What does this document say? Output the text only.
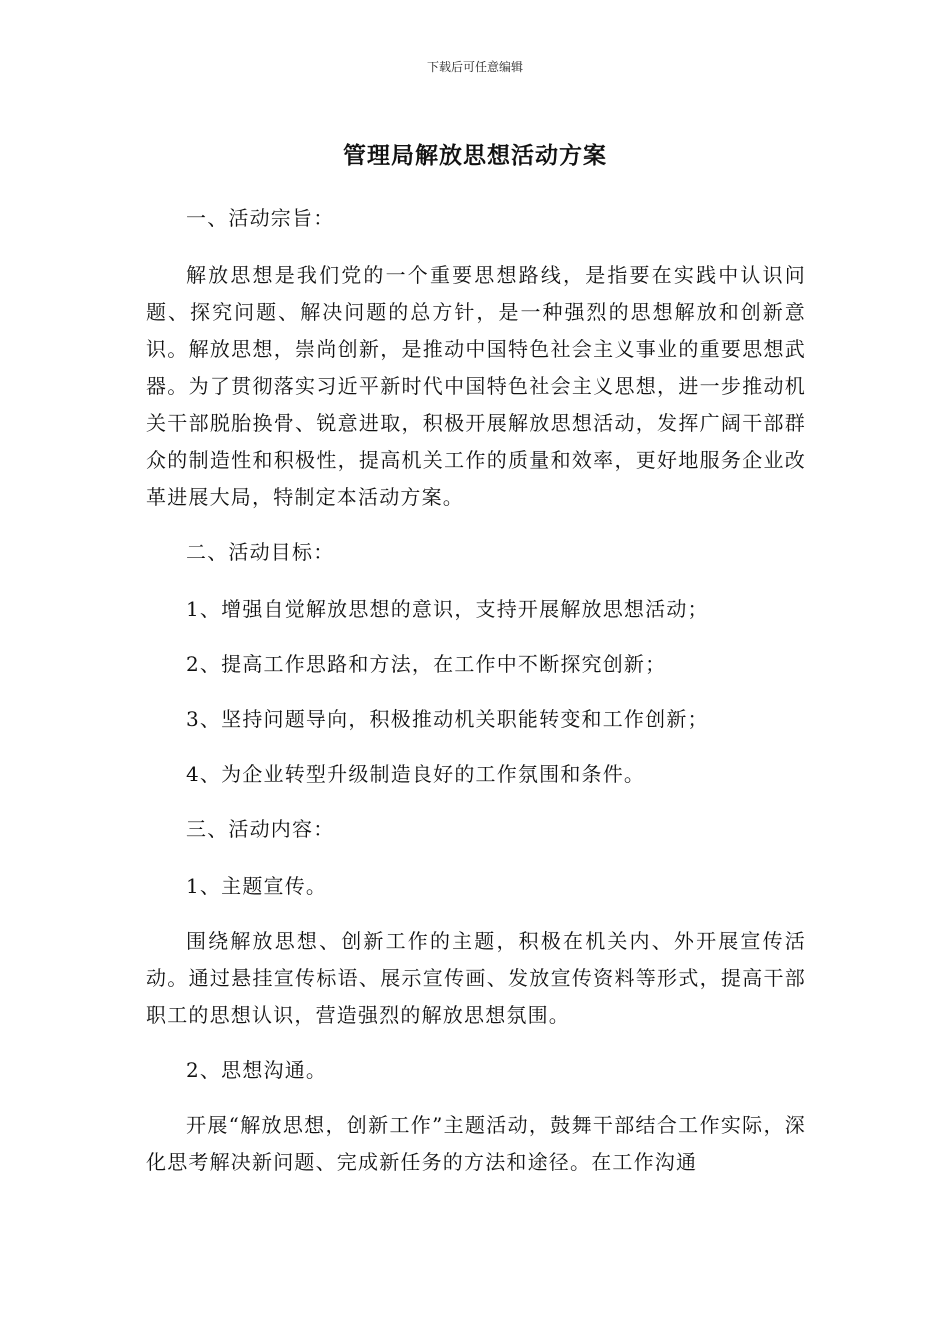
下载后可任意编辑
管理局解放思想活动方案

一、活动宗旨：

解放思想是我们党的一个重要思想路线，是指要在实践中认识问题、探究问题、解决问题的总方针，是一种强烈的思想解放和创新意识。解放思想，崇尚创新，是推动中国特色社会主义事业的重要思想武器。为了贯彻落实习近平新时代中国特色社会主义思想，进一步推动机关干部脱胎换骨、锐意进取，积极开展解放思想活动，发挥广阔干部群众的制造性和积极性，提高机关工作的质量和效率，更好地服务企业改革进展大局，特制定本活动方案。

二、活动目标：

1、增强自觉解放思想的意识，支持开展解放思想活动；

2、提高工作思路和方法，在工作中不断探究创新；

3、坚持问题导向，积极推动机关职能转变和工作创新；

4、为企业转型升级制造良好的工作氛围和条件。

三、活动内容：

1、主题宣传。

围绕解放思想、创新工作的主题，积极在机关内、外开展宣传活动。通过悬挂宣传标语、展示宣传画、发放宣传资料等形式，提高干部职工的思想认识，营造强烈的解放思想氛围。

2、思想沟通。

开展“解放思想，创新工作”主题活动，鼓舞干部结合工作实际，深化思考解决新问题、完成新任务的方法和途径。在工作沟通
